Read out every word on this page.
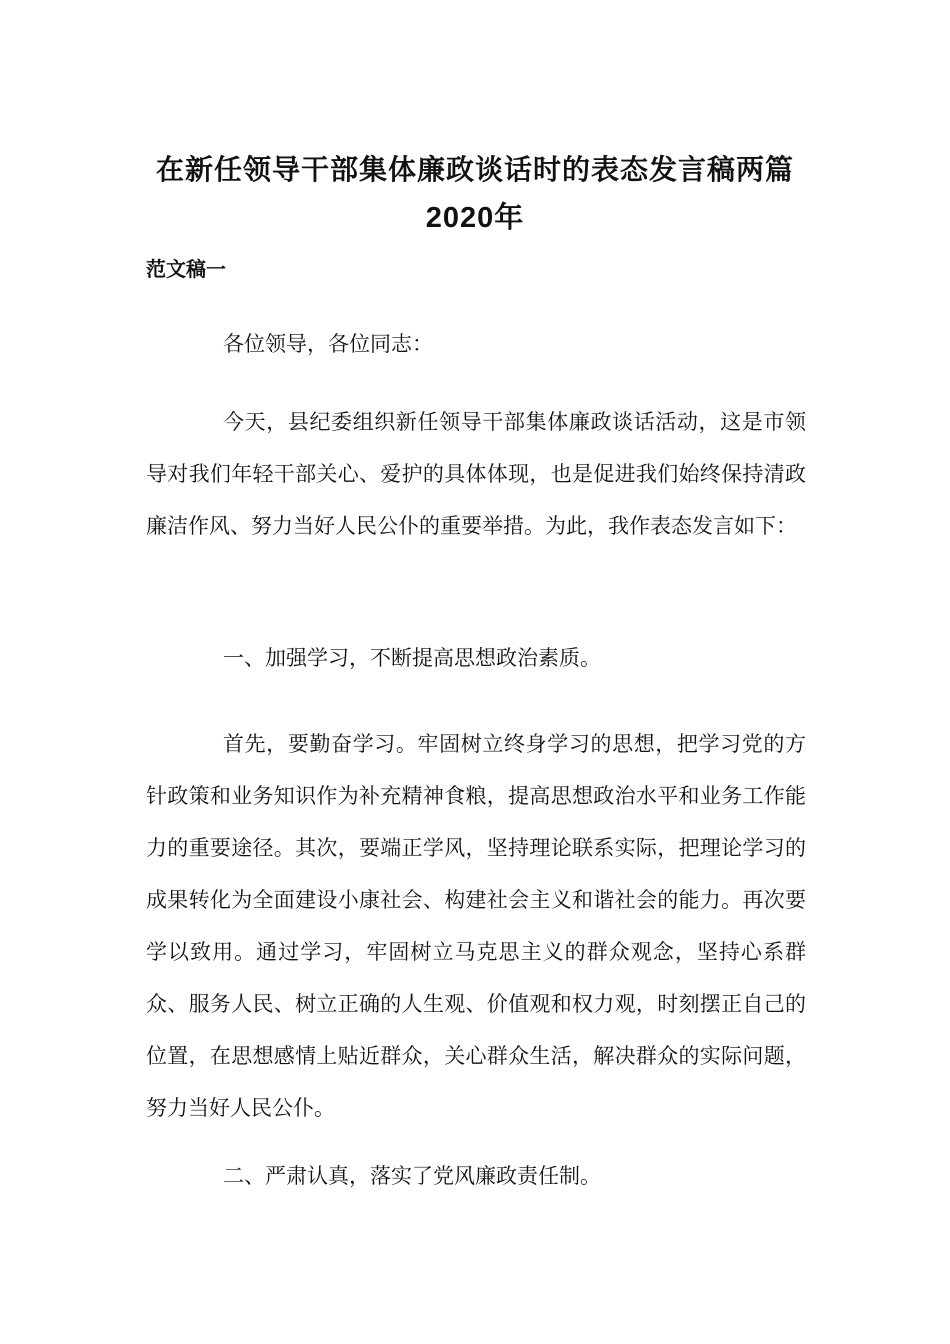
在新任领导干部集体廉政谈话时的表态发言稿两篇
2020年
范文稿一

各位领导，各位同志：

今天，县纪委组织新任领导干部集体廉政谈话活动，这是市领导对我们年轻干部关心、爱护的具体体现，也是促进我们始终保持清政廉洁作风、努力当好人民公仆的重要举措。为此，我作表态发言如下：

一、加强学习，不断提高思想政治素质。

首先，要勤奋学习。牢固树立终身学习的思想，把学习党的方针政策和业务知识作为补充精神食粮，提高思想政治水平和业务工作能力的重要途径。其次，要端正学风，坚持理论联系实际，把理论学习的成果转化为全面建设小康社会、构建社会主义和谐社会的能力。再次要学以致用。通过学习，牢固树立马克思主义的群众观念，坚持心系群众、服务人民、树立正确的人生观、价值观和权力观，时刻摆正自己的位置，在思想感情上贴近群众，关心群众生活，解决群众的实际问题，努力当好人民公仆。

二、严肃认真，落实了党风廉政责任制。
